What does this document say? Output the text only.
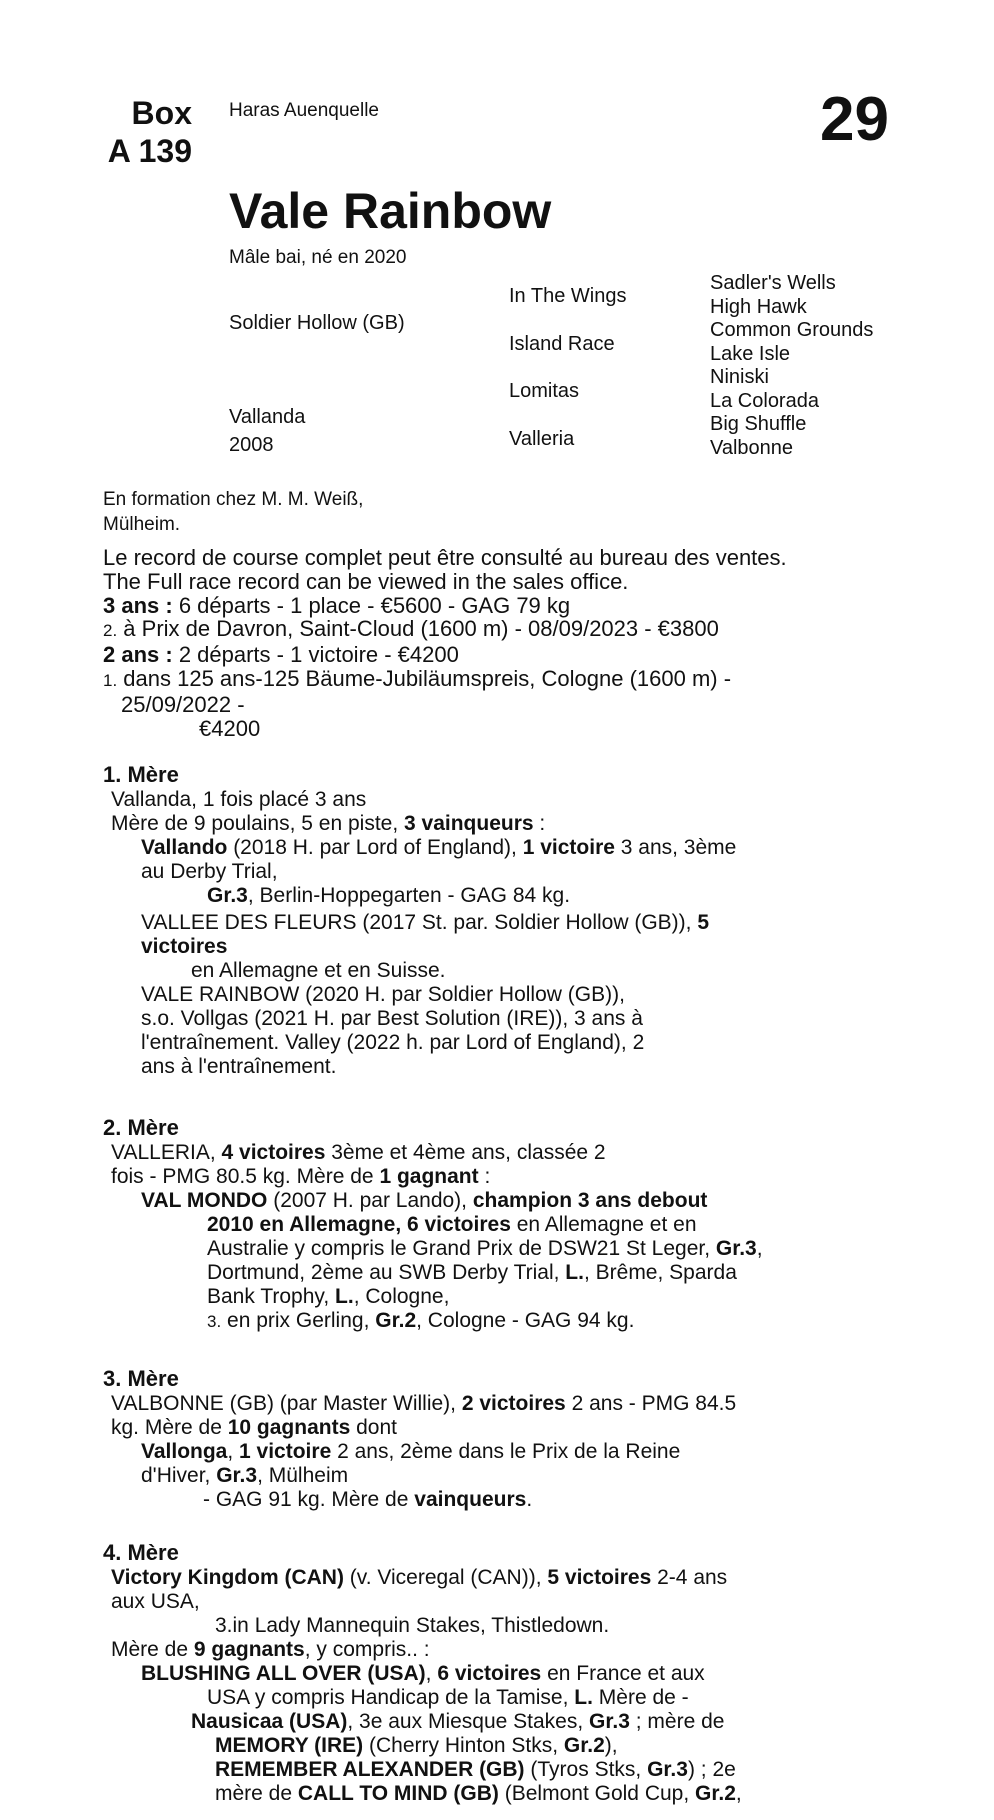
Box
A 139
Haras Auenquelle	29
Vale Rainbow
Mâle bai, né en 2020
Soldier Hollow (GB)
Vallanda
2008
In The Wings
Island Race
Lomitas
Valleria
Sadler's Wells
High Hawk
Common Grounds
Lake Isle
Niniski
La Colorada
Big Shuffle
Valbonne
En formation chez M. M. Weiß,
Mülheim.
Le record de course complet peut être consulté au bureau des ventes.
The Full race record can be viewed in the sales office.
3 ans : 6 départs - 1 place - €5600 - GAG 79 kg
2. à Prix de Davron, Saint-Cloud (1600 m) - 08/09/2023 - €3800
2 ans : 2 départs - 1 victoire - €4200
1. dans 125 ans-125 Bäume-Jubiläumspreis, Cologne (1600 m) -
25/09/2022 -
€4200
1. Mère
Vallanda, 1 fois placé 3 ans
Mère de 9 poulains, 5 en piste, 3 vainqueurs :
Vallando (2018 H. par Lord of England), 1 victoire 3 ans, 3ème
au Derby Trial,
Gr.3, Berlin-Hoppegarten - GAG 84 kg.
VALLEE DES FLEURS (2017 St. par. Soldier Hollow (GB)), 5
victoires
en Allemagne et en Suisse.
VALE RAINBOW (2020 H. par Soldier Hollow (GB)),
s.o. Vollgas (2021 H. par Best Solution (IRE)), 3 ans à
l'entraînement. Valley (2022 h. par Lord of England), 2
ans à l'entraînement.
2. Mère
VALLERIA, 4 victoires 3ème et 4ème ans, classée 2
fois - PMG 80.5 kg. Mère de 1 gagnant :
VAL MONDO (2007 H. par Lando), champion 3 ans debout
2010 en Allemagne, 6 victoires en Allemagne et en
Australie y compris le Grand Prix de DSW21 St Leger, Gr.3,
Dortmund, 2ème au SWB Derby Trial, L., Brême, Sparda
Bank Trophy, L., Cologne,
3. en prix Gerling, Gr.2, Cologne - GAG 94 kg.
3. Mère
VALBONNE (GB) (par Master Willie), 2 victoires 2 ans - PMG 84.5
kg. Mère de 10 gagnants dont
Vallonga, 1 victoire 2 ans, 2ème dans le Prix de la Reine
d'Hiver, Gr.3, Mülheim
- GAG 91 kg. Mère de vainqueurs.
4. Mère
Victory Kingdom (CAN) (v. Viceregal (CAN)), 5 victoires 2-4 ans
aux USA,
3.in Lady Mannequin Stakes, Thistledown.
Mère de 9 gagnants, y compris.. :
BLUSHING ALL OVER (USA), 6 victoires en France et aux
USA y compris Handicap de la Tamise, L. Mère de -
Nausicaa (USA), 3e aux Miesque Stakes, Gr.3 ; mère de
MEMORY (IRE) (Cherry Hinton Stks, Gr.2),
REMEMBER ALEXANDER (GB) (Tyros Stks, Gr.3) ; 2e
mère de CALL TO MIND (GB) (Belmont Gold Cup, Gr.2,
